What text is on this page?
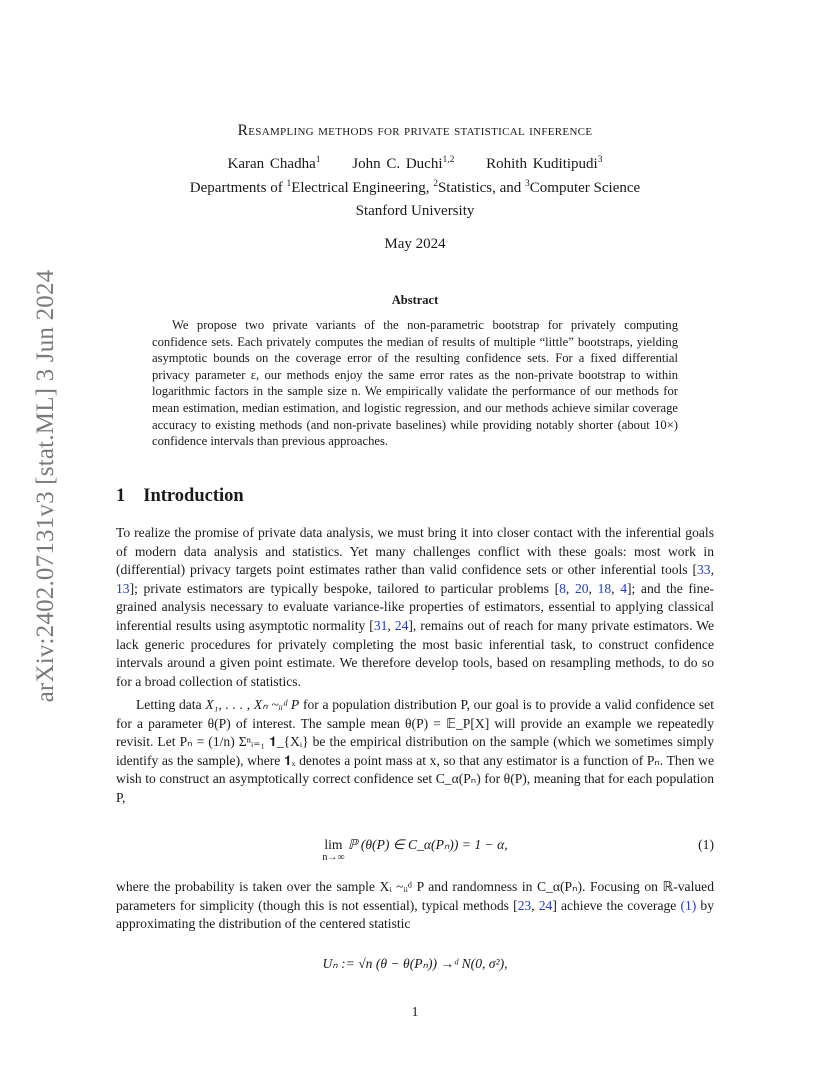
arXiv:2402.07131v3 [stat.ML] 3 Jun 2024
Resampling methods for private statistical inference
Karan Chadha$^1$ John C. Duchi$^{1,2}$ Rohith Kuditipudi$^3$
Departments of $^1$Electrical Engineering, $^2$Statistics, and $^3$Computer Science
Stanford University
May 2024
Abstract

We propose two private variants of the non-parametric bootstrap for privately computing confidence sets. Each privately computes the median of results of multiple “little” bootstraps, yielding asymptotic bounds on the coverage error of the resulting confidence sets. For a fixed differential privacy parameter ε, our methods enjoy the same error rates as the non-private bootstrap to within logarithmic factors in the sample size n. We empirically validate the performance of our methods for mean estimation, median estimation, and logistic regression, and our methods achieve similar coverage accuracy to existing methods (and non-private baselines) while providing notably shorter (about 10×) confidence intervals than previous approaches.

1 Introduction

To realize the promise of private data analysis, we must bring it into closer contact with the inferential goals of modern data analysis and statistics. Yet many challenges conflict with these goals: most work in (differential) privacy targets point estimates rather than valid confidence sets or other inferential tools [33, 13]; private estimators are typically bespoke, tailored to particular problems [8, 20, 18, 4]; and the fine-grained analysis necessary to evaluate variance-like properties of estimators, essential to applying classical inferential results using asymptotic normality [31, 24], remains out of reach for many private estimators. We lack generic procedures for privately completing the most basic inferential task, to construct confidence intervals around a given point estimate. We therefore develop tools, based on resampling methods, to do so for a broad collection of statistics.

Letting data X₁, . . . , Xₙ ~ᵢᵢᵈ P for a population distribution P, our goal is to provide a valid confidence set for a parameter θ(P) of interest. The sample mean θ(P) = 𝔼_P[X] will provide an example we repeatedly revisit. Let Pₙ = (1/n) Σⁿᵢ₌₁ 𝟏_{Xᵢ} be the empirical distribution on the sample (which we sometimes simply identify as the sample), where 𝟏ₓ denotes a point mass at x, so that any estimator is a function of Pₙ. Then we wish to construct an asymptotically correct confidence set C_α(Pₙ) for θ(P), meaning that for each population P,

lim
n→∞
ℙ (θ(P) ∈ C_α(Pₙ)) = 1 − α,	(1)

where the probability is taken over the sample Xᵢ ~ᵢᵢᵈ P and randomness in C_α(Pₙ). Focusing on ℝ-valued parameters for simplicity (though this is not essential), typical methods [23, 24] achieve the coverage (1) by approximating the distribution of the centered statistic

Uₙ := √n (θ − θ(Pₙ)) →ᵈ N(0, σ²),
1
